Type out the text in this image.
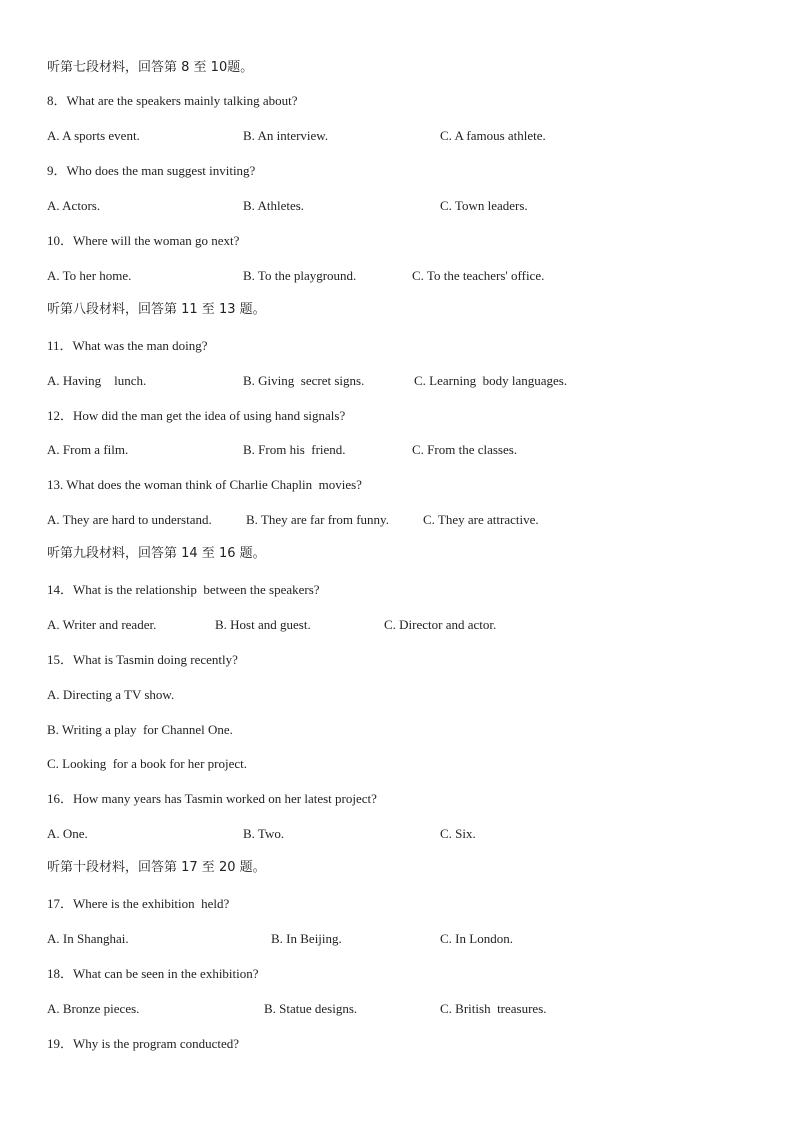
听第七段材料，回答第 8 至 10题。
8．What are the speakers mainly talking about?
A. A sports event.	B. An interview.	C. A famous athlete.
9．Who does the man suggest inviting?
A. Actors.	B. Athletes.	C. Town leaders.
10．Where will the woman go next?
A. To her home.	B. To the playground.	C. To the teachers' office.
听第八段材料，回答第 11 至 13 题。
11．What was the man doing?
A. Having    lunch.	B. Giving  secret signs.	C. Learning  body languages.
12．How did the man get the idea of using hand signals?
A. From a film.	B. From his  friend.	C. From the classes.
13. What does the woman think of Charlie Chaplin  movies?
A. They are hard to understand.	B. They are far from funny.	C. They are attractive.
听第九段材料，回答第 14 至 16 题。
14．What is the relationship  between the speakers?
A. Writer and reader.	B. Host and guest.	C. Director and actor.
15．What is Tasmin doing recently?
A. Directing a TV show.
B. Writing a play  for Channel One.
C. Looking  for a book for her project.
16．How many years has Tasmin worked on her latest project?
A. One.	B. Two.	C. Six.
听第十段材料，回答第 17 至 20 题。
17．Where is the exhibition  held?
A. In Shanghai.	B. In Beijing.	C. In London.
18．What can be seen in the exhibition?
A. Bronze pieces.	B. Statue designs.	C. British  treasures.
19．Why is the program conducted?
